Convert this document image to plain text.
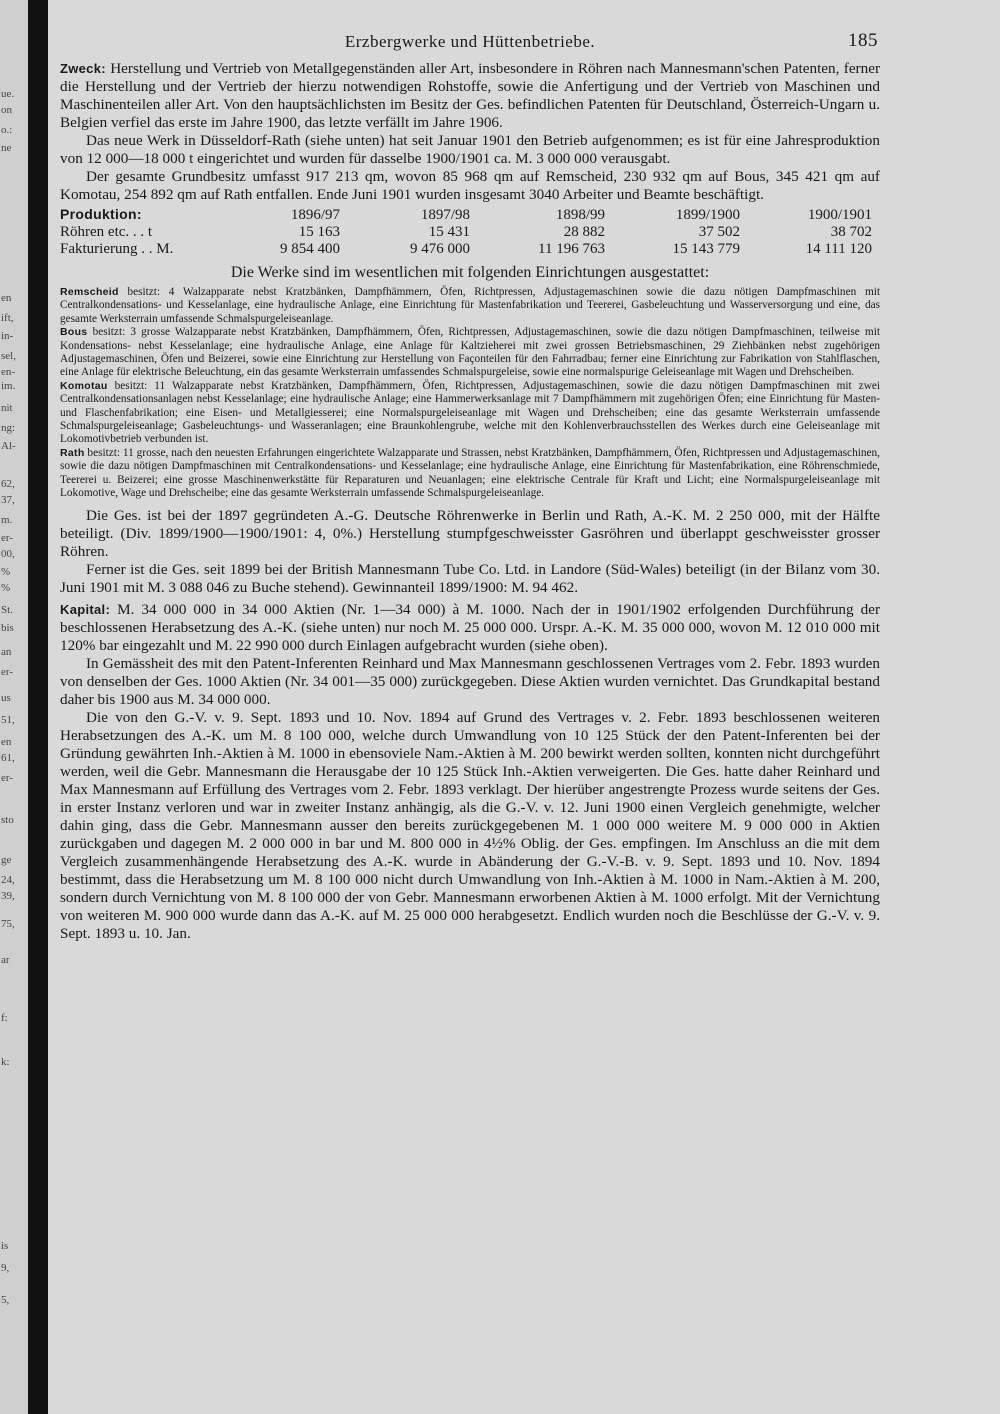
ue.
on
o.:
ne
en
ift,
in-
sel,
en-
im.
nit
ng:
Al-
62,
37,
m.
er-
00,
%
%
St.
bis
an
er-
us
51,
en
61,
er-
sto
ge
24,
39,
75,
ar
f:
k:
is
9,
5,
Erzbergwerke und Hüttenbetriebe.	185

Zweck: Herstellung und Vertrieb von Metallgegenständen aller Art, insbesondere in Röhren nach Mannesmann'schen Patenten, ferner die Herstellung und der Vertrieb der hierzu notwendigen Rohstoffe, sowie die Anfertigung und der Vertrieb von Maschinen und Maschinenteilen aller Art. Von den hauptsächlichsten im Besitz der Ges. befindlichen Patenten für Deutschland, Österreich-Ungarn u. Belgien verfiel das erste im Jahre 1900, das letzte verfällt im Jahre 1906.

Das neue Werk in Düsseldorf-Rath (siehe unten) hat seit Januar 1901 den Betrieb aufgenommen; es ist für eine Jahresproduktion von 12 000—18 000 t eingerichtet und wurden für dasselbe 1900/1901 ca. M. 3 000 000 verausgabt.

Der gesamte Grundbesitz umfasst 917 213 qm, wovon 85 968 qm auf Remscheid, 230 932 qm auf Bous, 345 421 qm auf Komotau, 254 892 qm auf Rath entfallen. Ende Juni 1901 wurden insgesamt 3040 Arbeiter und Beamte beschäftigt.

Produktion:	1896/97	1897/98	1898/99	1899/1900	1900/1901
Röhren etc. . . t	15 163	15 431	28 882	37 502	38 702
Fakturierung . . M.	9 854 400	9 476 000	11 196 763	15 143 779	14 111 120

Die Werke sind im wesentlichen mit folgenden Einrichtungen ausgestattet:

Remscheid besitzt: 4 Walzapparate nebst Kratzbänken, Dampfhämmern, Öfen, Richtpressen, Adjustagemaschinen sowie die dazu nötigen Dampfmaschinen mit Centralkondensations- und Kesselanlage, eine hydraulische Anlage, eine Einrichtung für Mastenfabrikation und Teererei, Gasbeleuchtung und Wasserversorgung und eine, das gesamte Werksterrain umfassende Schmalspurgeleiseanlage.

Bous besitzt: 3 grosse Walzapparate nebst Kratzbänken, Dampfhämmern, Öfen, Richtpressen, Adjustagemaschinen, sowie die dazu nötigen Dampfmaschinen, teilweise mit Kondensations- nebst Kesselanlage; eine hydraulische Anlage, eine Anlage für Kaltzieherei mit zwei grossen Betriebsmaschinen, 29 Ziehbänken nebst zugehörigen Adjustagemaschinen, Öfen und Beizerei, sowie eine Einrichtung zur Herstellung von Façonteilen für den Fahrradbau; ferner eine Einrichtung zur Fabrikation von Stahlflaschen, eine Anlage für elektrische Beleuchtung, ein das gesamte Werksterrain umfassendes Schmalspurgeleise, sowie eine normalspurige Geleiseanlage mit Wagen und Drehscheiben.

Komotau besitzt: 11 Walzapparate nebst Kratzbänken, Dampfhämmern, Öfen, Richtpressen, Adjustagemaschinen, sowie die dazu nötigen Dampfmaschinen mit zwei Centralkondensationsanlagen nebst Kesselanlage; eine hydraulische Anlage; eine Hammerwerksanlage mit 7 Dampfhämmern mit zugehörigen Öfen; eine Einrichtung für Masten- und Flaschenfabrikation; eine Eisen- und Metallgiesserei; eine Normalspurgeleiseanlage mit Wagen und Drehscheiben; eine das gesamte Werksterrain umfassende Schmalspurgeleiseanlage; Gasbeleuchtungs- und Wasseranlagen; eine Braunkohlengrube, welche mit den Kohlenverbrauchsstellen des Werkes durch eine Geleiseanlage mit Lokomotivbetrieb verbunden ist.

Rath besitzt: 11 grosse, nach den neuesten Erfahrungen eingerichtete Walzapparate und Strassen, nebst Kratzbänken, Dampfhämmern, Öfen, Richtpressen und Adjustagemaschinen, sowie die dazu nötigen Dampfmaschinen mit Centralkondensations- und Kesselanlage; eine hydraulische Anlage, eine Einrichtung für Mastenfabrikation, eine Röhrenschmiede, Teererei u. Beizerei; eine grosse Maschinenwerkstätte für Reparaturen und Neuanlagen; eine elektrische Centrale für Kraft und Licht; eine Normalspurgeleiseanlage mit Lokomotive, Wage und Drehscheibe; eine das gesamte Werksterrain umfassende Schmalspurgeleiseanlage.

Die Ges. ist bei der 1897 gegründeten A.-G. Deutsche Röhrenwerke in Berlin und Rath, A.-K. M. 2 250 000, mit der Hälfte beteiligt. (Div. 1899/1900—1900/1901: 4, 0%.) Herstellung stumpfgeschweisster Gasröhren und überlappt geschweisster grosser Röhren.

Ferner ist die Ges. seit 1899 bei der British Mannesmann Tube Co. Ltd. in Landore (Süd-Wales) beteiligt (in der Bilanz vom 30. Juni 1901 mit M. 3 088 046 zu Buche stehend). Gewinnanteil 1899/1900: M. 94 462.

Kapital: M. 34 000 000 in 34 000 Aktien (Nr. 1—34 000) à M. 1000. Nach der in 1901/1902 erfolgenden Durchführung der beschlossenen Herabsetzung des A.-K. (siehe unten) nur noch M. 25 000 000. Urspr. A.-K. M. 35 000 000, wovon M. 12 010 000 mit 120% bar eingezahlt und M. 22 990 000 durch Einlagen aufgebracht wurden (siehe oben).

In Gemässheit des mit den Patent-Inferenten Reinhard und Max Mannesmann geschlossenen Vertrages vom 2. Febr. 1893 wurden von denselben der Ges. 1000 Aktien (Nr. 34 001—35 000) zurückgegeben. Diese Aktien wurden vernichtet. Das Grundkapital bestand daher bis 1900 aus M. 34 000 000.

Die von den G.-V. v. 9. Sept. 1893 und 10. Nov. 1894 auf Grund des Vertrages v. 2. Febr. 1893 beschlossenen weiteren Herabsetzungen des A.-K. um M. 8 100 000, welche durch Umwandlung von 10 125 Stück der den Patent-Inferenten bei der Gründung gewährten Inh.-Aktien à M. 1000 in ebensoviele Nam.-Aktien à M. 200 bewirkt werden sollten, konnten nicht durchgeführt werden, weil die Gebr. Mannesmann die Herausgabe der 10 125 Stück Inh.-Aktien verweigerten. Die Ges. hatte daher Reinhard und Max Mannesmann auf Erfüllung des Vertrages vom 2. Febr. 1893 verklagt. Der hierüber angestrengte Prozess wurde seitens der Ges. in erster Instanz verloren und war in zweiter Instanz anhängig, als die G.-V. v. 12. Juni 1900 einen Vergleich genehmigte, welcher dahin ging, dass die Gebr. Mannesmann ausser den bereits zurückgegebenen M. 1 000 000 weitere M. 9 000 000 in Aktien zurückgaben und dagegen M. 2 000 000 in bar und M. 800 000 in 4½% Oblig. der Ges. empfingen. Im Anschluss an die mit dem Vergleich zusammenhängende Herabsetzung des A.-K. wurde in Abänderung der G.-V.-B. v. 9. Sept. 1893 und 10. Nov. 1894 bestimmt, dass die Herabsetzung um M. 8 100 000 nicht durch Umwandlung von Inh.-Aktien à M. 1000 in Nam.-Aktien à M. 200, sondern durch Vernichtung von M. 8 100 000 der von Gebr. Mannesmann erworbenen Aktien à M. 1000 erfolgt. Mit der Vernichtung von weiteren M. 900 000 wurde dann das A.-K. auf M. 25 000 000 herabgesetzt. Endlich wurden noch die Beschlüsse der G.-V. v. 9. Sept. 1893 u. 10. Jan.
